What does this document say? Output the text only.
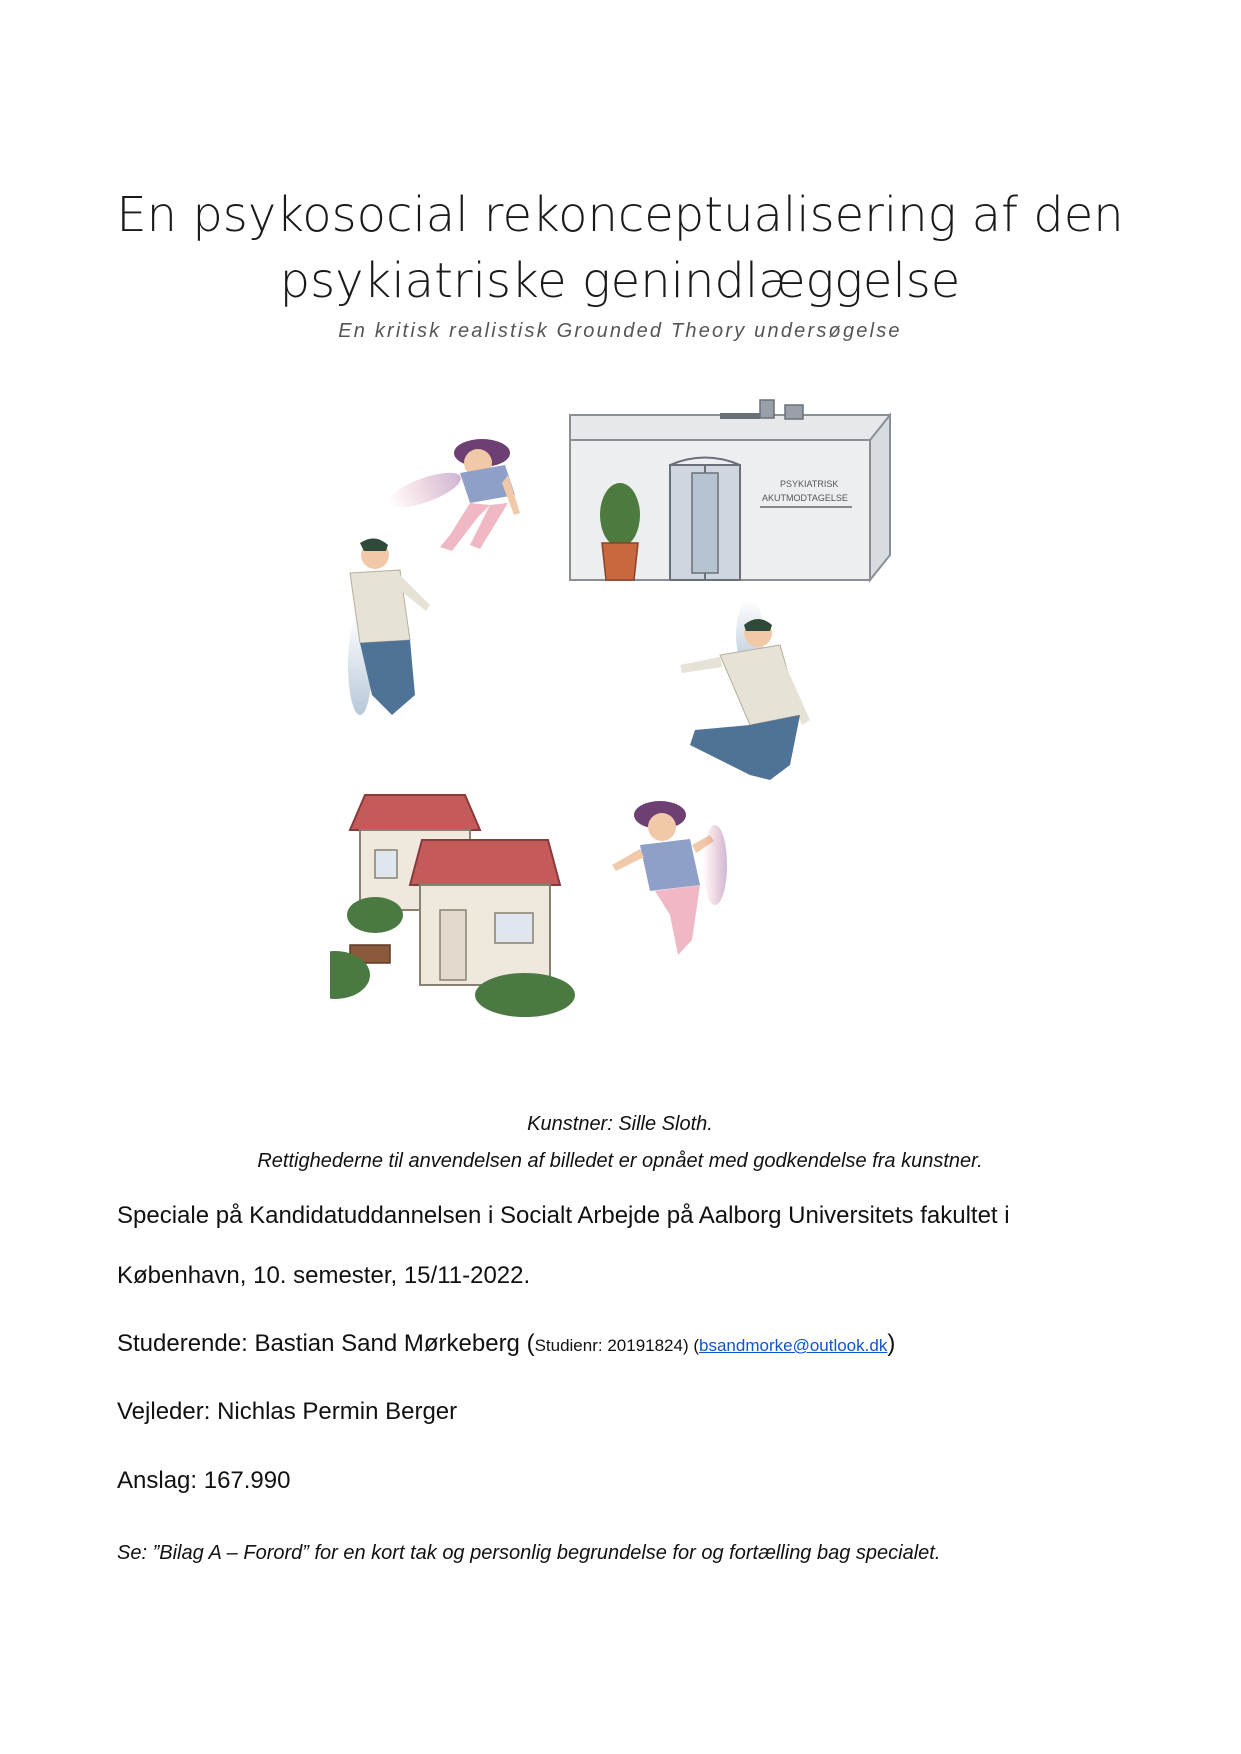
En psykosocial rekonceptualisering af den
psykiatriske genindlæggelse

En kritisk realistisk Grounded Theory undersøgelse

PSYKIATRISK
AKUTMODTAGELSE

Kunstner: Sille Sloth.

Rettighederne til anvendelsen af billedet er opnået med godkendelse fra kunstner.

Speciale på Kandidatuddannelsen i Socialt Arbejde på Aalborg Universitets fakultet i

København, 10. semester, 15/11-2022.

Studerende: Bastian Sand Mørkeberg (Studienr: 20191824) (bsandmorke@outlook.dk)

Vejleder: Nichlas Permin Berger

Anslag: 167.990

Se: ”Bilag A – Forord” for en kort tak og personlig begrundelse for og fortælling bag specialet.
